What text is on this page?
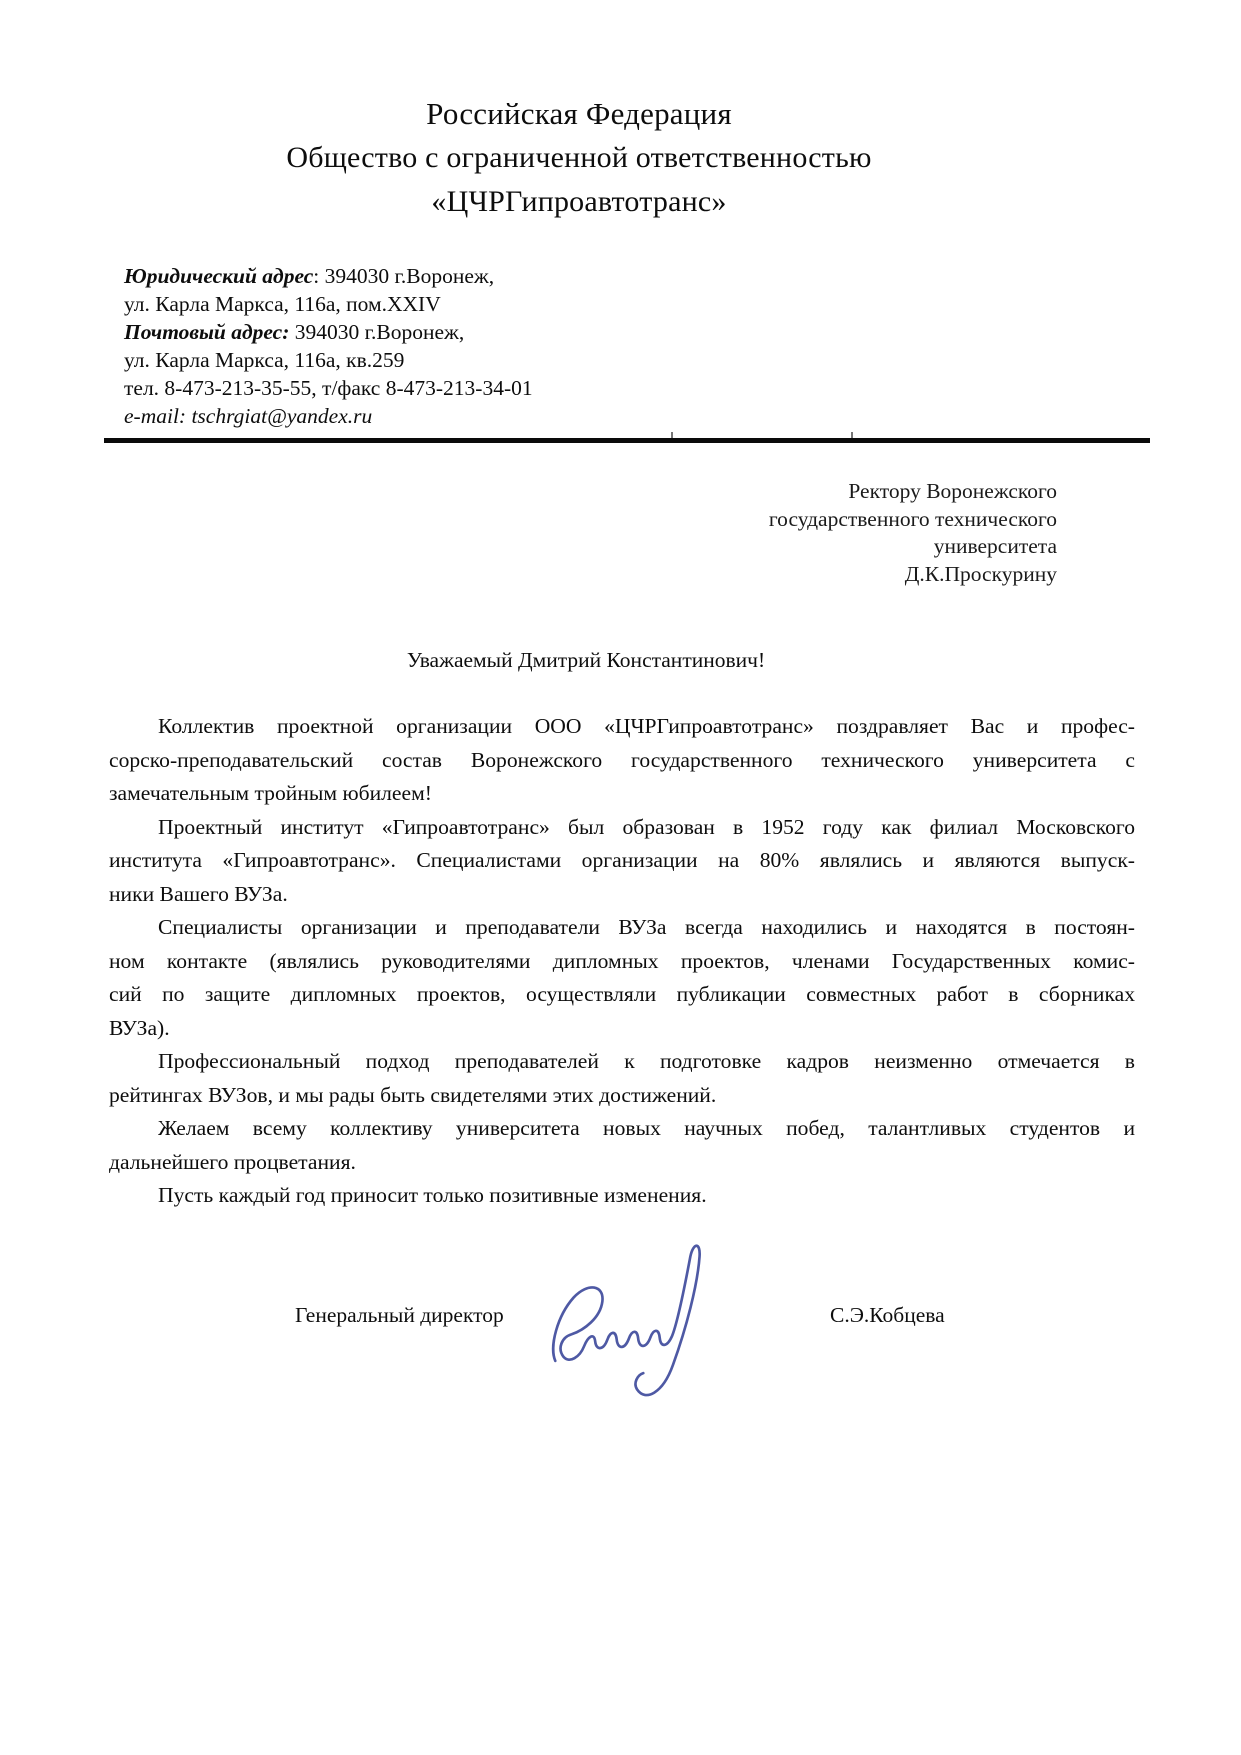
Российская Федерация
Общество с ограниченной ответственностью
«ЦЧРГипроавтотранс»
Юридический адрес: 394030 г.Воронеж,
ул. Карла Маркса, 116а, пом.XXIV
Почтовый адрес: 394030 г.Воронеж,
ул. Карла Маркса, 116а, кв.259
тел. 8-473-213-35-55, т/факс 8-473-213-34-01
e-mail: tschrgiat@yandex.ru
Ректору Воронежского
государственного технического
университета
Д.К.Проскурину
Уважаемый Дмитрий Константинович!
Коллектив проектной организации ООО «ЦЧРГипроавтотранс» поздравляет Вас и профес-
сорско-преподавательский состав Воронежского государственного технического университета с
замечательным тройным юбилеем!
Проектный институт «Гипроавтотранс» был образован в 1952 году как филиал Московского
института «Гипроавтотранс». Специалистами организации на 80% являлись и являются выпуск-
ники Вашего ВУЗа.
Специалисты организации и преподаватели ВУЗа всегда находились и находятся в постоян-
ном контакте (являлись руководителями дипломных проектов, членами Государственных комис-
сий по защите дипломных проектов, осуществляли публикации совместных работ в сборниках
ВУЗа).
Профессиональный подход преподавателей к подготовке кадров неизменно отмечается в
рейтингах ВУЗов, и мы рады быть свидетелями этих достижений.
Желаем всему коллективу университета новых научных побед, талантливых студентов и
дальнейшего процветания.
Пусть каждый год приносит только позитивные изменения.
Генеральный директор	С.Э.Кобцева
